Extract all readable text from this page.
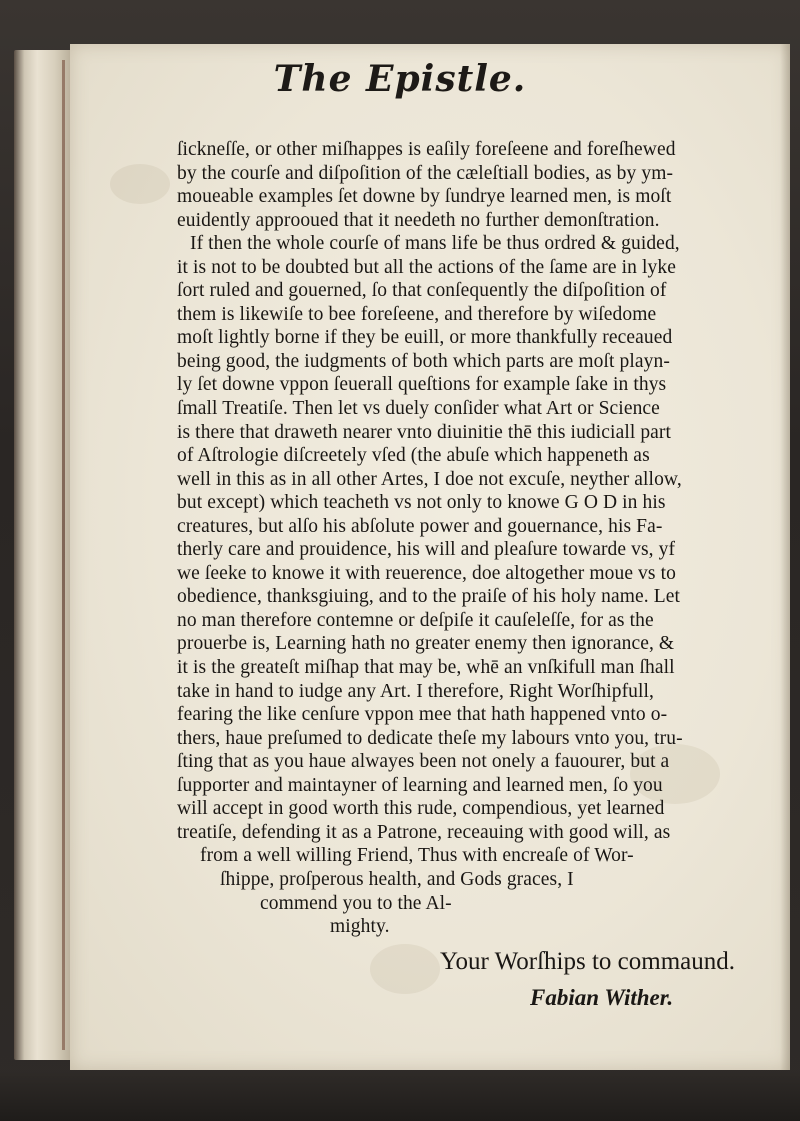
The Epistle.
ſickneſſe, or other miſhappes is eaſily foreſeene and foreſhewed
by the courſe and diſpoſition of the cæleſtiall bodies, as by ym-
moueable examples ſet downe by ſundrye learned men, is moſt
euidently approoued that it needeth no further demonſtration.
If then the whole courſe of mans life be thus ordred & guided,
it is not to be doubted but all the actions of the ſame are in lyke
ſort ruled and gouerned, ſo that conſequently the diſpoſition of
them is likewiſe to bee foreſeene, and therefore by wiſedome
moſt lightly borne if they be euill, or more thankfully receaued
being good, the iudgments of both which parts are moſt playn-
ly ſet downe vppon ſeuerall queſtions for example ſake in thys
ſmall Treatiſe. Then let vs duely conſider what Art or Science
is there that draweth nearer vnto diuinitie thē this iudiciall part
of Aſtrologie diſcreetely vſed (the abuſe which happeneth as
well in this as in all other Artes, I doe not excuſe, neyther allow,
but except) which teacheth vs not only to knowe G O D in his
creatures, but alſo his abſolute power and gouernance, his Fa-
therly care and prouidence, his will and pleaſure towarde vs, yf
we ſeeke to knowe it with reuerence, doe altogether moue vs to
obedience, thanksgiuing, and to the praiſe of his holy name. Let
no man therefore contemne or deſpiſe it cauſeleſſe, for as the
prouerbe is, Learning hath no greater enemy then ignorance, &
it is the greateſt miſhap that may be, whē an vnſkifull man ſhall
take in hand to iudge any Art. I therefore, Right Worſhipfull,
fearing the like cenſure vppon mee that hath happened vnto o-
thers, haue preſumed to dedicate theſe my labours vnto you, tru-
ſting that as you haue alwayes been not onely a fauourer, but a
ſupporter and maintayner of learning and learned men, ſo you
will accept in good worth this rude, compendious, yet learned
treatiſe, defending it as a Patrone, receauing with good will, as
from a well willing Friend, Thus with encreaſe of Wor-
ſhippe, proſperous health, and Gods graces, I
commend you to the Al-
mighty.

Your Worſhips to commaund.

Fabian Wither.
